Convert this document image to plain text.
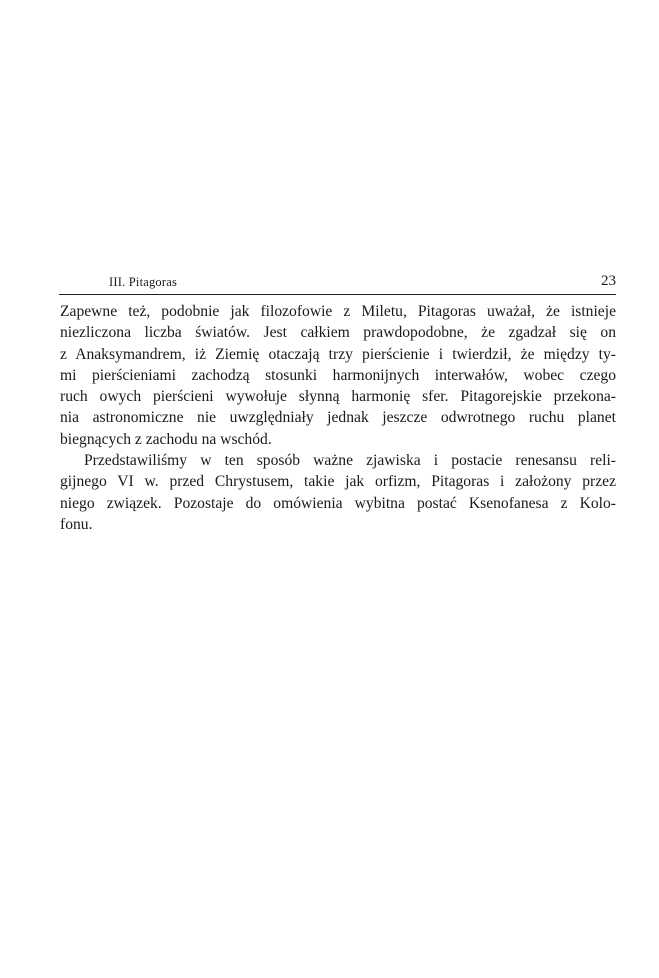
III. Pitagoras	23

Zapewne też, podobnie jak filozofowie z Miletu, Pitagoras uważał, że istnieje
niezliczona liczba światów. Jest całkiem prawdopodobne, że zgadzał się on
z Anaksymandrem, iż Ziemię otaczają trzy pierścienie i twierdził, że między ty-
mi pierścieniami zachodzą stosunki harmonijnych interwałów, wobec czego
ruch owych pierścieni wywołuje słynną harmonię sfer. Pitagorejskie przekona-
nia astronomiczne nie uwzględniały jednak jeszcze odwrotnego ruchu planet
biegnących z zachodu na wschód.

Przedstawiliśmy w ten sposób ważne zjawiska i postacie renesansu reli-
gijnego VI w. przed Chrystusem, takie jak orfizm, Pitagoras i założony przez
niego związek. Pozostaje do omówienia wybitna postać Ksenofanesa z Kolo-
fonu.
